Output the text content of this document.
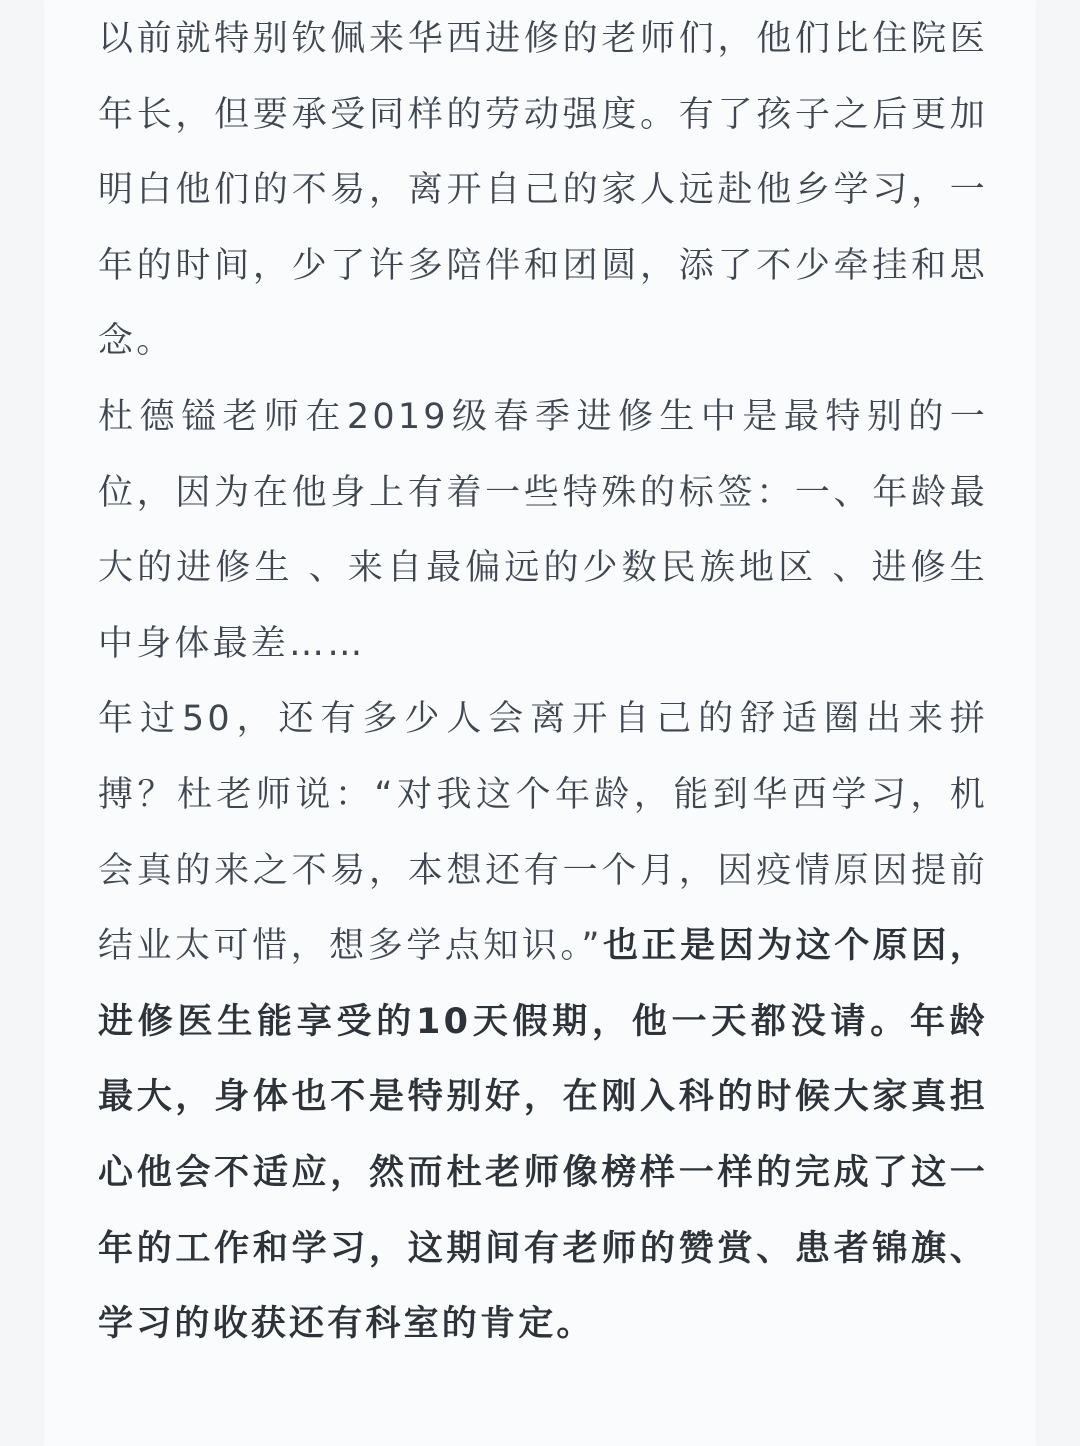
以前就特别钦佩来华西进修的老师们，他们比住院医年长，但要承受同样的劳动强度。有了孩子之后更加明白他们的不易，离开自己的家人远赴他乡学习，一年的时间，少了许多陪伴和团圆，添了不少牵挂和思念。

杜德镒老师在2019级春季进修生中是最特别的一位，因为在他身上有着一些特殊的标签：一、年龄最大的进修生 、来自最偏远的少数民族地区 、进修生中身体最差……

年过50，还有多少人会离开自己的舒适圈出来拼搏？杜老师说：“对我这个年龄，能到华西学习，机会真的来之不易，本想还有一个月，因疫情原因提前结业太可惜，想多学点知识。”也正是因为这个原因，进修医生能享受的10天假期，他一天都没请。年龄最大，身体也不是特别好，在刚入科的时候大家真担心他会不适应，然而杜老师像榜样一样的完成了这一年的工作和学习，这期间有老师的赞赏、患者锦旗、学习的收获还有科室的肯定。
